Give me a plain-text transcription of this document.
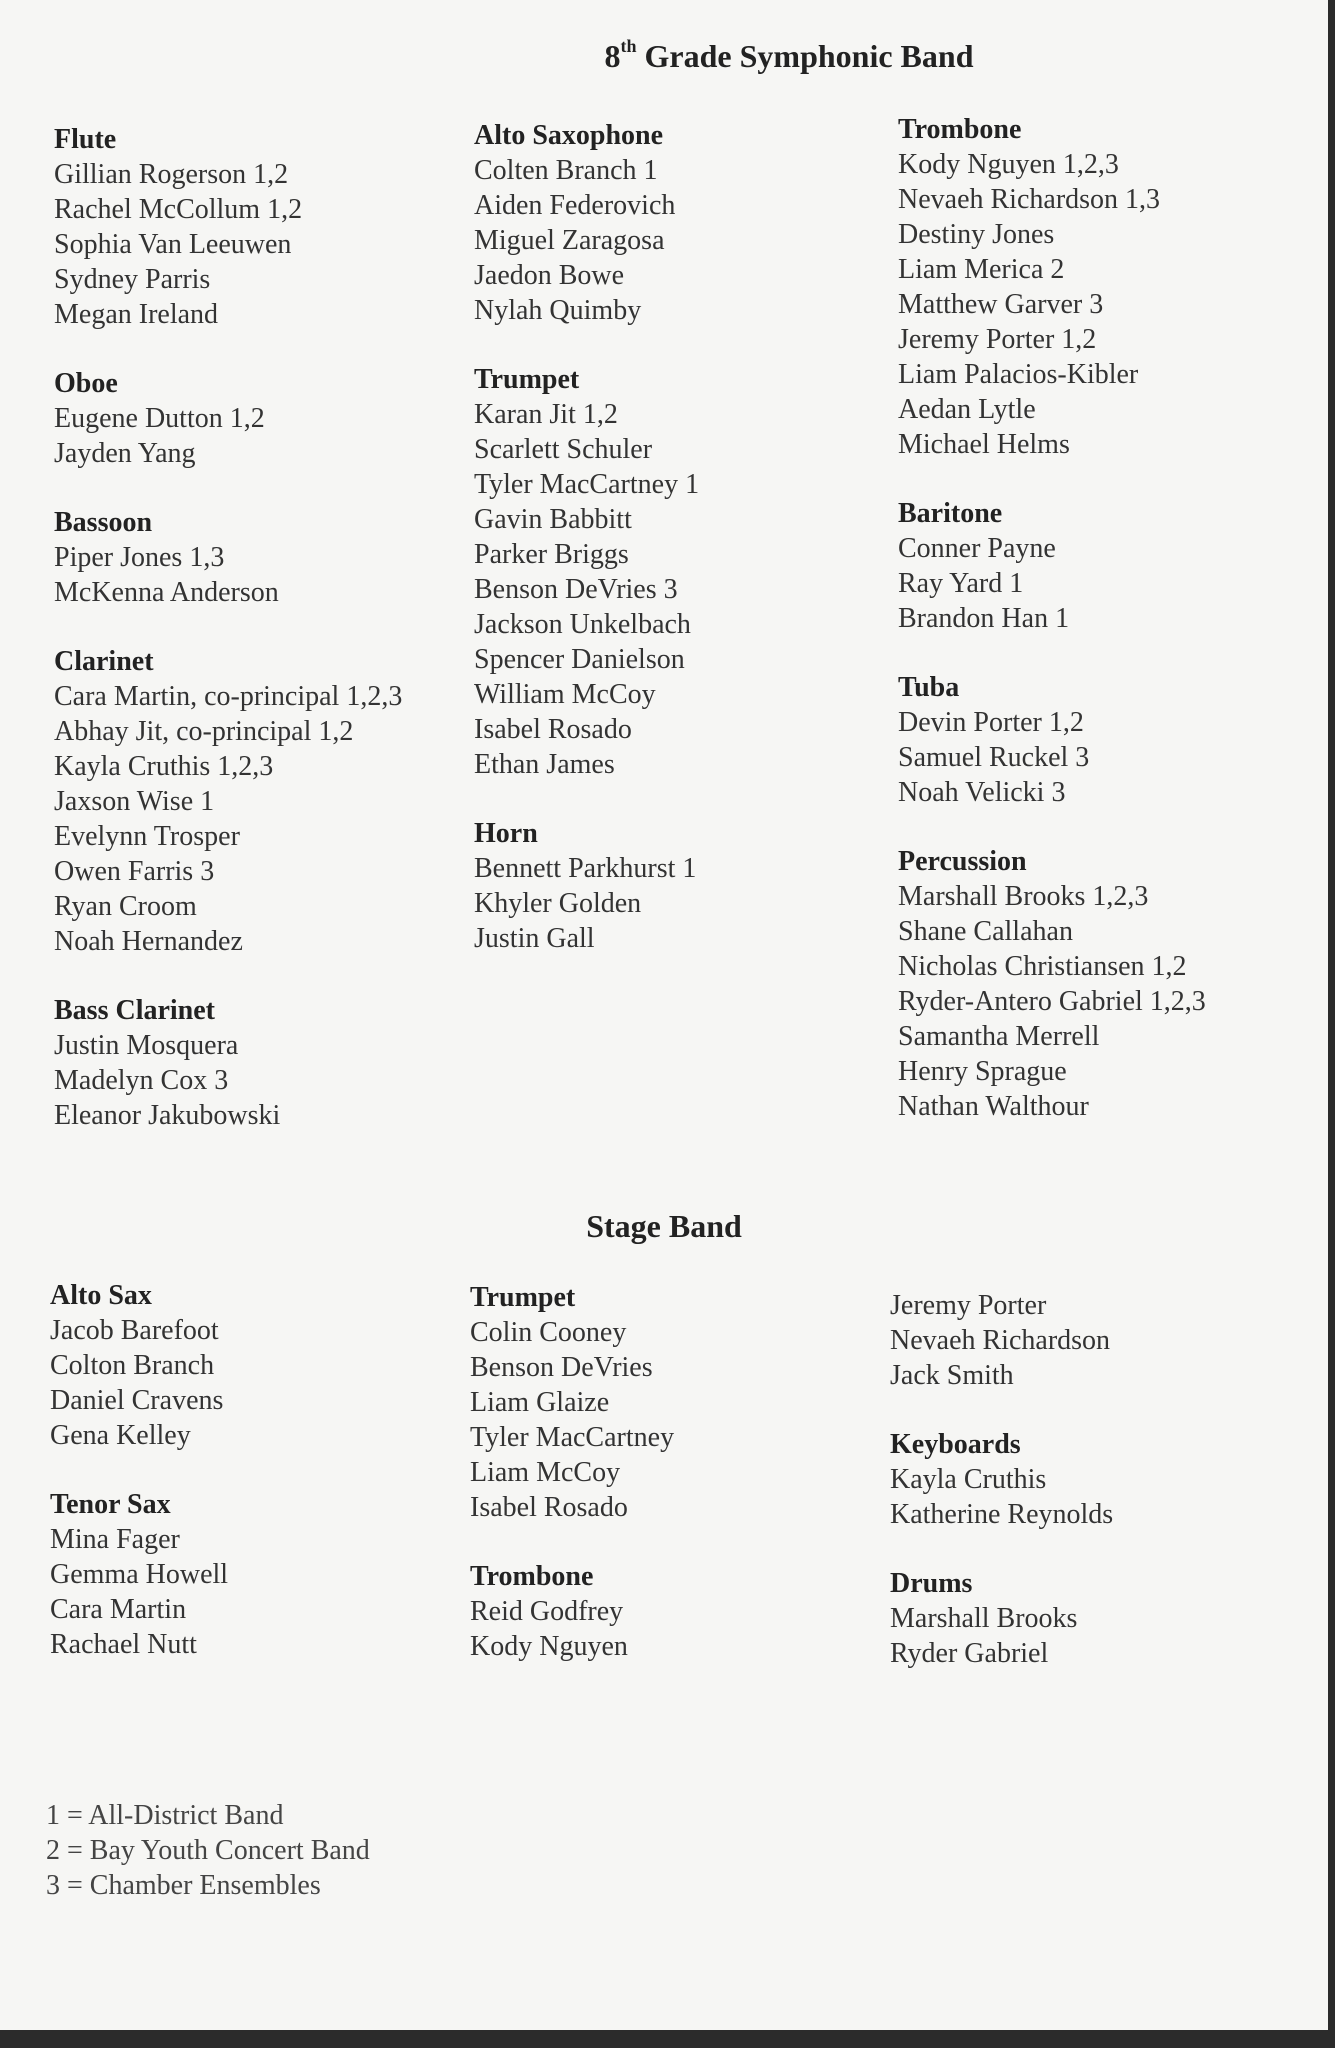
8th Grade Symphonic Band
Flute
Gillian Rogerson 1,2
Rachel McCollum 1,2
Sophia Van Leeuwen
Sydney Parris
Megan Ireland
Oboe
Eugene Dutton 1,2
Jayden Yang
Bassoon
Piper Jones 1,3
McKenna Anderson
Clarinet
Cara Martin, co-principal 1,2,3
Abhay Jit, co-principal 1,2
Kayla Cruthis 1,2,3
Jaxson Wise 1
Evelynn Trosper
Owen Farris 3
Ryan Croom
Noah Hernandez
Bass Clarinet
Justin Mosquera
Madelyn Cox 3
Eleanor Jakubowski
Alto Saxophone
Colten Branch 1
Aiden Federovich
Miguel Zaragosa
Jaedon Bowe
Nylah Quimby
Trumpet
Karan Jit 1,2
Scarlett Schuler
Tyler MacCartney 1
Gavin Babbitt
Parker Briggs
Benson DeVries 3
Jackson Unkelbach
Spencer Danielson
William McCoy
Isabel Rosado
Ethan James
Horn
Bennett Parkhurst 1
Khyler Golden
Justin Gall
Trombone
Kody Nguyen 1,2,3
Nevaeh Richardson 1,3
Destiny Jones
Liam Merica 2
Matthew Garver 3
Jeremy Porter 1,2
Liam Palacios-Kibler
Aedan Lytle
Michael Helms
Baritone
Conner Payne
Ray Yard 1
Brandon Han 1
Tuba
Devin Porter 1,2
Samuel Ruckel 3
Noah Velicki 3
Percussion
Marshall Brooks 1,2,3
Shane Callahan
Nicholas Christiansen 1,2
Ryder-Antero Gabriel 1,2,3
Samantha Merrell
Henry Sprague
Nathan Walthour
Stage Band
Alto Sax
Jacob Barefoot
Colton Branch
Daniel Cravens
Gena Kelley
Tenor Sax
Mina Fager
Gemma Howell
Cara Martin
Rachael Nutt
Trumpet
Colin Cooney
Benson DeVries
Liam Glaize
Tyler MacCartney
Liam McCoy
Isabel Rosado
Trombone
Reid Godfrey
Kody Nguyen
Jeremy Porter
Nevaeh Richardson
Jack Smith
Keyboards
Kayla Cruthis
Katherine Reynolds
Drums
Marshall Brooks
Ryder Gabriel
1 = All-District Band
2 = Bay Youth Concert Band
3 = Chamber Ensembles
